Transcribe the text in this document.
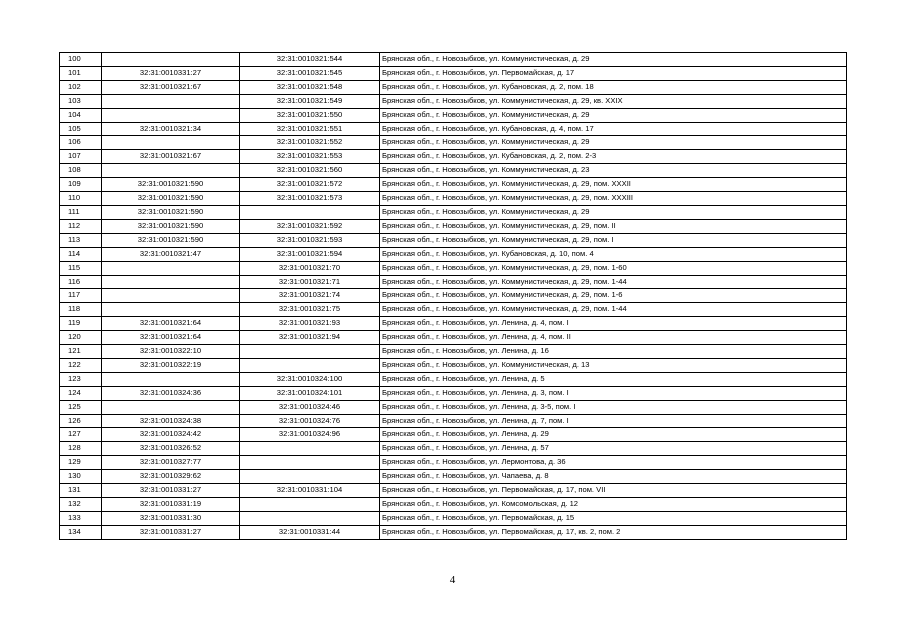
100		32:31:0010321:544	Брянская обл., г. Новозыбков, ул. Коммунистическая, д. 29
101	32:31:0010331:27	32:31:0010321:545	Брянская обл., г. Новозыбков, ул. Первомайская, д. 17
102	32:31:0010321:67	32:31:0010321:548	Брянская обл., г. Новозыбков, ул. Кубановская, д. 2, пом. 18
103		32:31:0010321:549	Брянская обл., г. Новозыбков, ул. Коммунистическая, д. 29, кв. XXIX
104		32:31:0010321:550	Брянская обл., г. Новозыбков, ул. Коммунистическая, д. 29
105	32:31:0010321:34	32:31:0010321:551	Брянская обл., г. Новозыбков, ул. Кубановская, д. 4, пом. 17
106		32:31:0010321:552	Брянская обл., г. Новозыбков, ул. Коммунистическая, д. 29
107	32:31:0010321:67	32:31:0010321:553	Брянская обл., г. Новозыбков, ул. Кубановская, д. 2, пом. 2-3
108		32:31:0010321:560	Брянская обл., г. Новозыбков, ул. Коммунистическая, д. 23
109	32:31:0010321:590	32:31:0010321:572	Брянская обл., г. Новозыбков, ул. Коммунистическая, д. 29, пом. XXXII
110	32:31:0010321:590	32:31:0010321:573	Брянская обл., г. Новозыбков, ул. Коммунистическая, д. 29, пом. XXXIII
111	32:31:0010321:590		Брянская обл., г. Новозыбков, ул. Коммунистическая, д. 29
112	32:31:0010321:590	32:31:0010321:592	Брянская обл., г. Новозыбков, ул. Коммунистическая, д. 29, пом. II
113	32:31:0010321:590	32:31:0010321:593	Брянская обл., г. Новозыбков, ул. Коммунистическая, д. 29, пом. I
114	32:31:0010321:47	32:31:0010321:594	Брянская обл., г. Новозыбков, ул. Кубановская, д. 10, пом. 4
115		32:31:0010321:70	Брянская обл., г. Новозыбков, ул. Коммунистическая, д. 29, пом. 1-60
116		32:31:0010321:71	Брянская обл., г. Новозыбков, ул. Коммунистическая, д. 29, пом. 1-44
117		32:31:0010321:74	Брянская обл., г. Новозыбков, ул. Коммунистическая, д. 29, пом. 1-6
118		32:31:0010321:75	Брянская обл., г. Новозыбков, ул. Коммунистическая, д. 29, пом. 1-44
119	32:31:0010321:64	32:31:0010321:93	Брянская обл., г. Новозыбков, ул. Ленина, д. 4, пом. I
120	32:31:0010321:64	32:31:0010321:94	Брянская обл., г. Новозыбков, ул. Ленина, д. 4, пом. II
121	32:31:0010322:10		Брянская обл., г. Новозыбков, ул. Ленина, д. 16
122	32:31:0010322:19		Брянская обл., г. Новозыбков, ул. Коммунистическая, д. 13
123		32:31:0010324:100	Брянская обл., г. Новозыбков, ул. Ленина, д. 5
124	32:31:0010324:36	32:31:0010324:101	Брянская обл., г. Новозыбков, ул. Ленина, д. 3, пом. I
125		32:31:0010324:46	Брянская обл., г. Новозыбков, ул. Ленина, д. 3-5, пом. I
126	32:31:0010324:38	32:31:0010324:76	Брянская обл., г. Новозыбков, ул. Ленина, д. 7, пом. I
127	32:31:0010324:42	32:31:0010324:96	Брянская обл., г. Новозыбков, ул. Ленина, д. 29
128	32:31:0010326:52		Брянская обл., г. Новозыбков, ул. Ленина, д. 57
129	32:31:0010327:77		Брянская обл., г. Новозыбков, ул. Лермонтова, д. 36
130	32:31:0010329:62		Брянская обл., г. Новозыбков, ул. Чапаева, д. 8
131	32:31:0010331:27	32:31:0010331:104	Брянская обл., г. Новозыбков, ул. Первомайская, д. 17, пом. VII
132	32:31:0010331:19		Брянская обл., г. Новозыбков, ул. Комсомольская, д. 12
133	32:31:0010331:30		Брянская обл., г. Новозыбков, ул. Первомайская, д. 15
134	32:31:0010331:27	32:31:0010331:44	Брянская обл., г. Новозыбков, ул. Первомайская, д. 17, кв. 2, пом. 2
4
